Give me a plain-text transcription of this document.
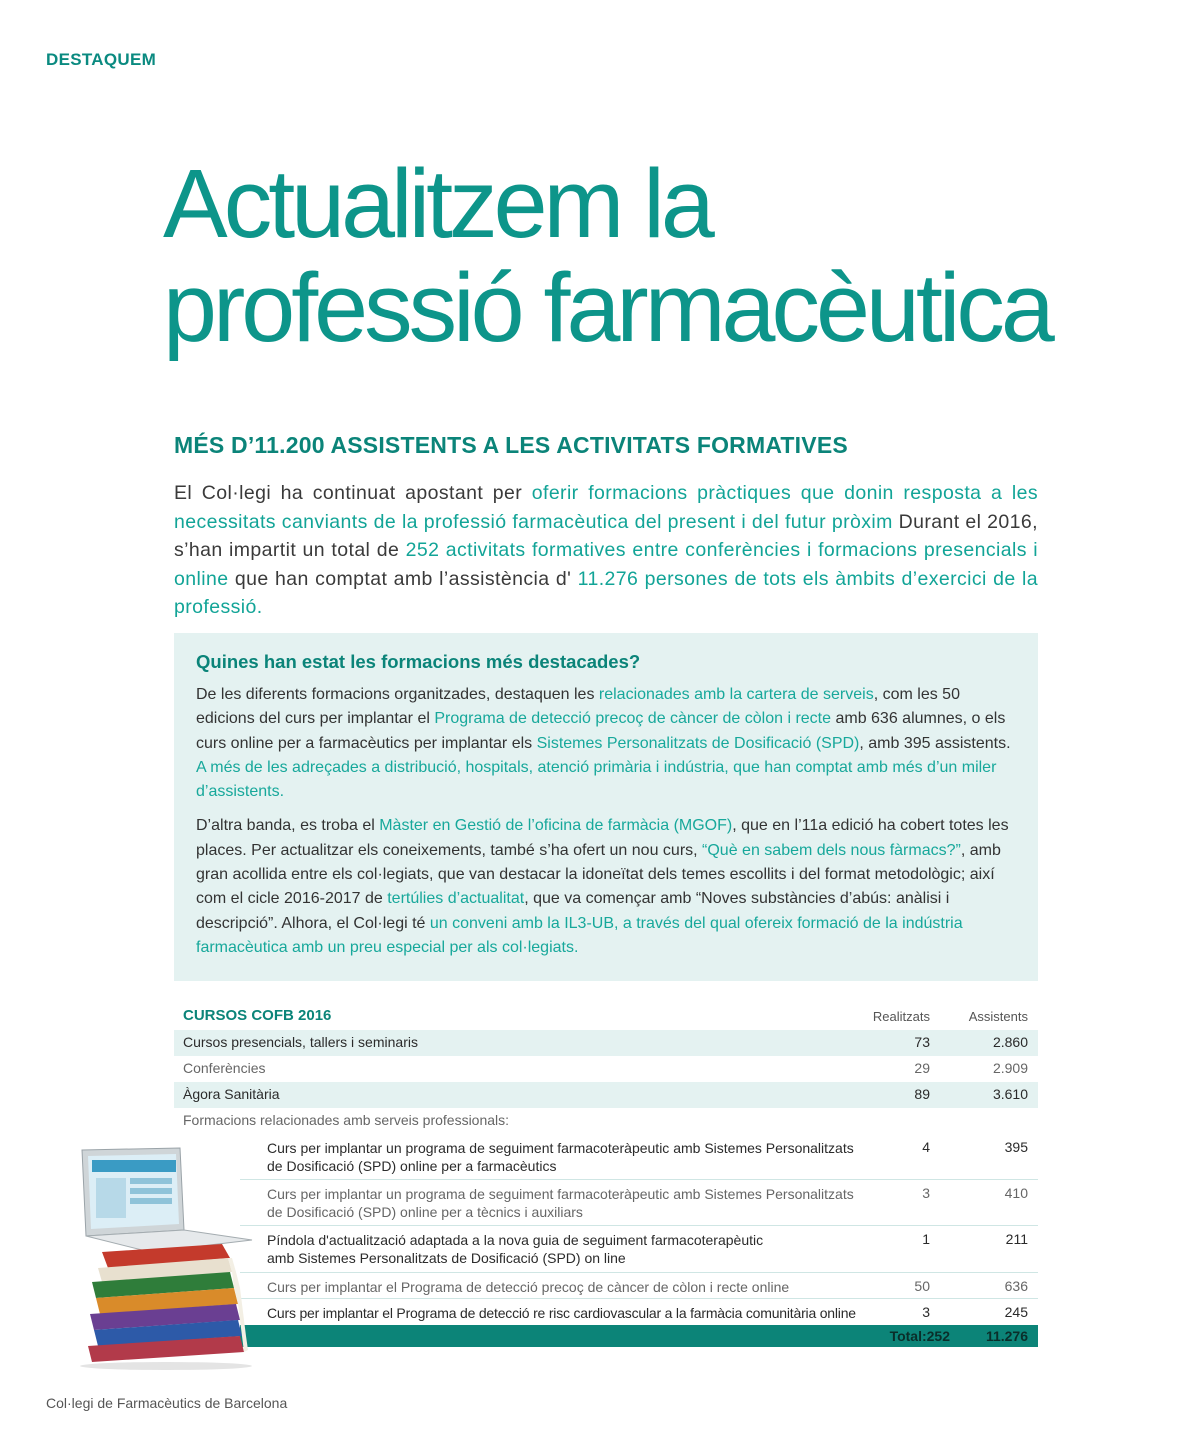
DESTAQUEM
Actualitzem la
professió farmacèutica
MÉS D’11.200 ASSISTENTS A LES ACTIVITATS FORMATIVES

El Col·legi ha continuat apostant per oferir formacions pràctiques que donin resposta a les necessitats canviants de la professió farmacèutica del present i del futur pròxim Durant el 2016, s’han impartit un total de 252 activitats formatives entre conferències i formacions presencials i online que han comptat amb l’assistència d' 11.276 persones de tots els àmbits d’exercici de la professió.

Quines han estat les formacions més destacades?

De les diferents formacions organitzades, destaquen les relacionades amb la cartera de serveis, com les 50 edicions del curs per implantar el Programa de detecció precoç de càncer de còlon i recte amb 636 alumnes, o els curs online per a farmacèutics per implantar els Sistemes Personalitzats de Dosificació (SPD), amb 395 assistents. A més de les adreçades a distribució, hospitals, atenció primària i indústria, que han comptat amb més d’un miler d’assistents.

D’altra banda, es troba el Màster en Gestió de l’oficina de farmàcia (MGOF), que en l’11a edició ha cobert totes les places. Per actualitzar els coneixements, també s’ha ofert un nou curs, “Què en sabem dels nous fàrmacs?”, amb gran acollida entre els col·legiats, que van destacar la idoneïtat dels temes escollits i del format metodològic; així com el cicle 2016-2017 de tertúlies d’actualitat, que va començar amb “Noves substàncies d’abús: anàlisi i descripció”. Alhora, el Col·legi té un conveni amb la IL3-UB, a través del qual ofereix formació de la indústria farmacèutica amb un preu especial per als col·legiats.

CURSOS COFB 2016	Realitzats	Assistents
Cursos presencials, tallers i seminaris	73	2.860
Conferències	29	2.909
Àgora Sanitària	89	3.610
Formacions relacionades amb serveis professionals:
Curs per implantar un programa de seguiment farmacoteràpeutic amb Sistemes Personalitzats
de Dosificació (SPD) online per a farmacèutics
4	395
Curs per implantar un programa de seguiment farmacoteràpeutic amb Sistemes Personalitzats
de Dosificació (SPD) online per a tècnics i auxiliars
3	410
Píndola d'actualització adaptada a la nova guia de seguiment farmacoterapèutic
amb Sistemes Personalitzats de Dosificació (SPD) on line
1	211
Curs per implantar el Programa de detecció precoç de càncer de còlon i recte online	50	636
Curs per implantar el Programa de detecció re risc cardiovascular a la farmàcia comunitària online	3	245
Total:252	11.276
Col·legi de Farmacèutics de Barcelona
